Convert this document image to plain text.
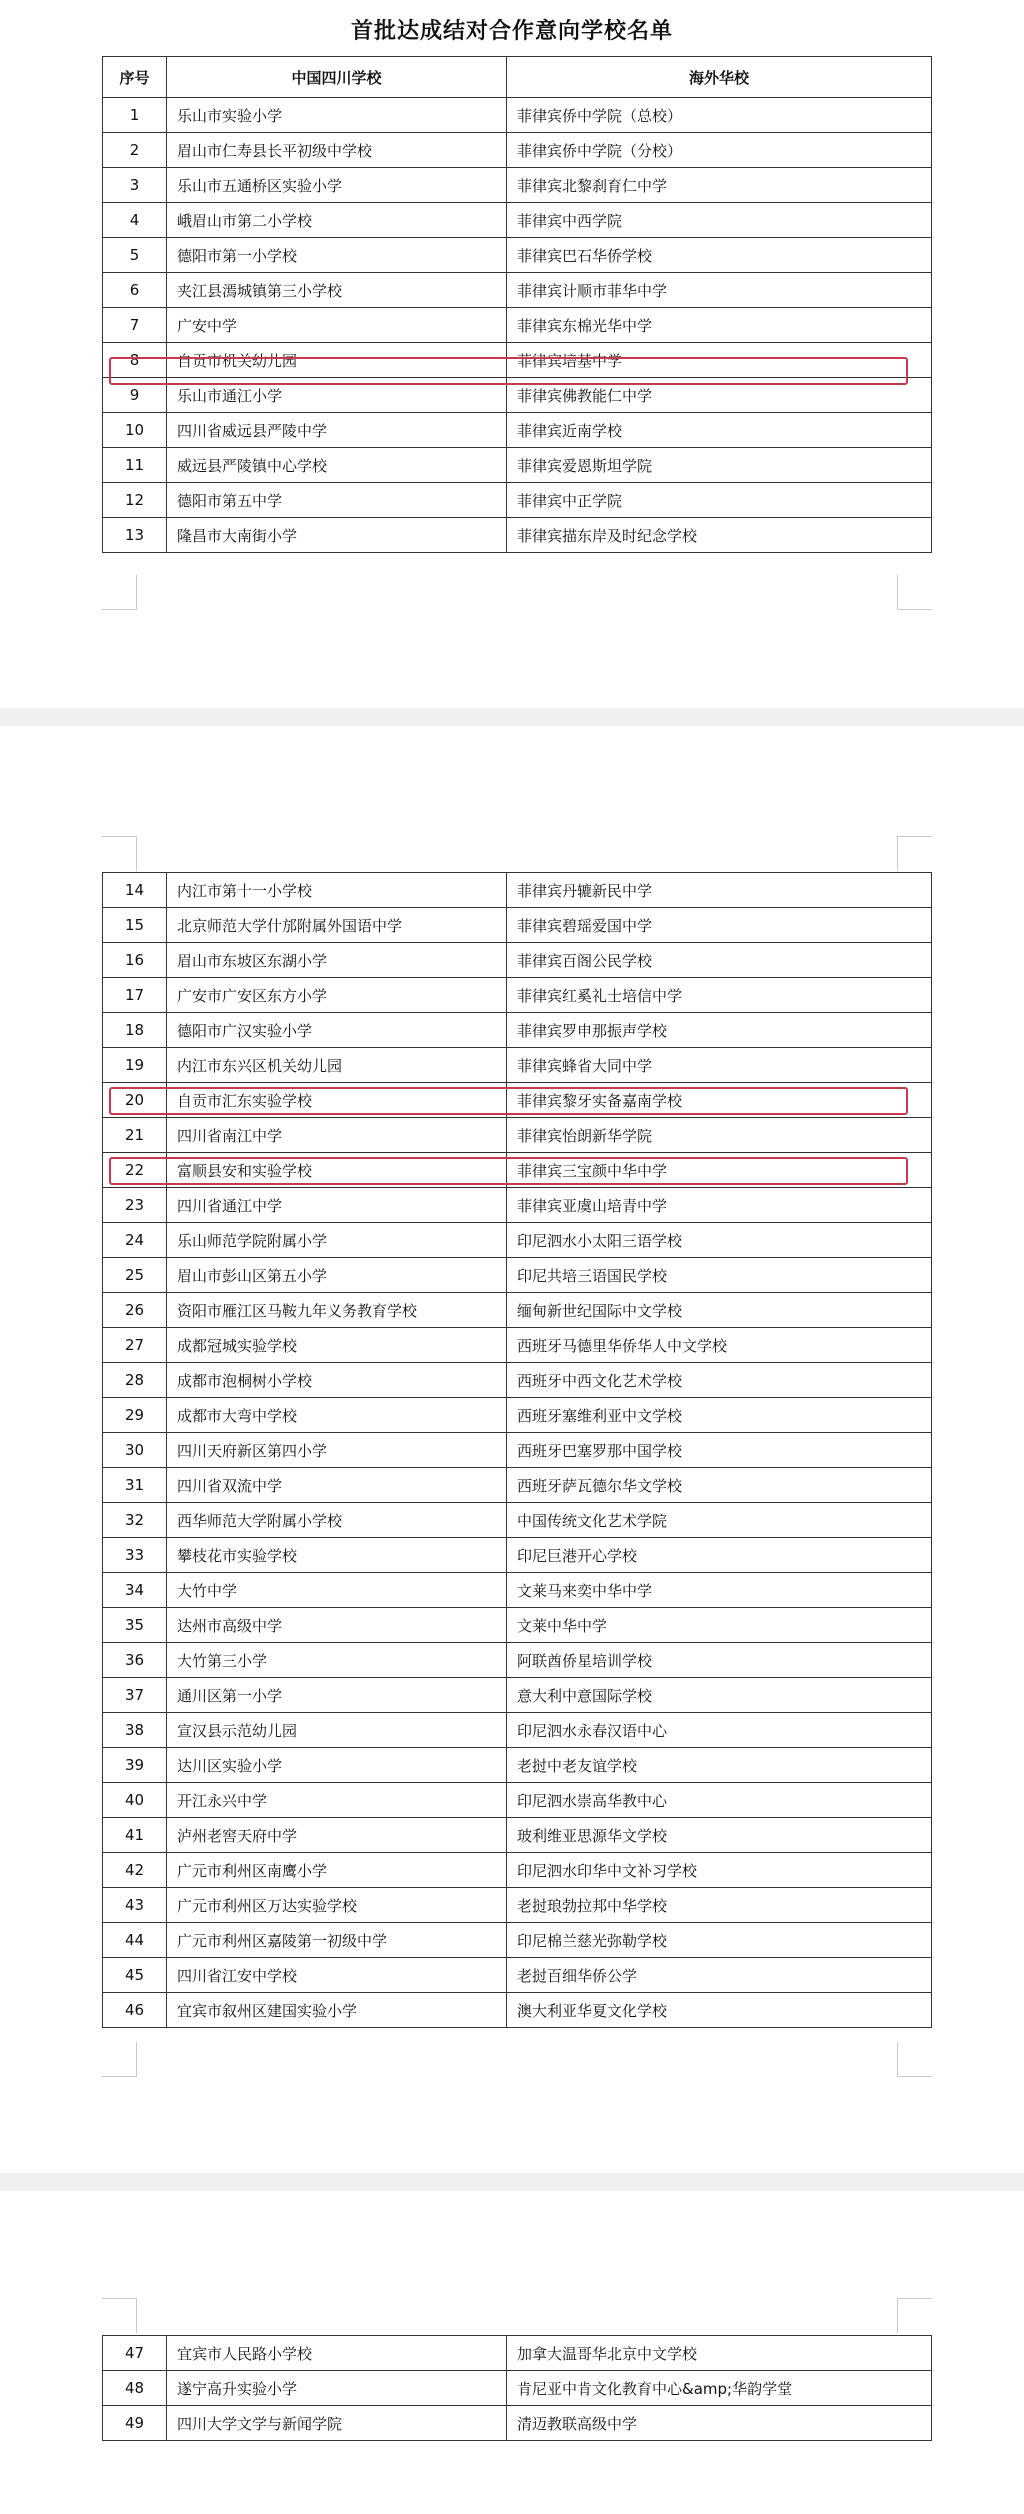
首批达成结对合作意向学校名单
序号	中国四川学校	海外华校
1	乐山市实验小学	菲律宾侨中学院（总校）
2	眉山市仁寿县长平初级中学校	菲律宾侨中学院（分校）
3	乐山市五通桥区实验小学	菲律宾北黎刹育仁中学
4	峨眉山市第二小学校	菲律宾中西学院
5	德阳市第一小学校	菲律宾巴石华侨学校
6	夹江县漹城镇第三小学校	菲律宾计顺市菲华中学
7	广安中学	菲律宾东棉光华中学
8	自贡市机关幼儿园	菲律宾培基中学
9	乐山市通江小学	菲律宾佛教能仁中学
10	四川省威远县严陵中学	菲律宾近南学校
11	威远县严陵镇中心学校	菲律宾爱恩斯坦学院
12	德阳市第五中学	菲律宾中正学院
13	隆昌市大南街小学	菲律宾描东岸及时纪念学校
14	内江市第十一小学校	菲律宾丹辘新民中学
15	北京师范大学什邡附属外国语中学	菲律宾碧瑶爱国中学
16	眉山市东坡区东湖小学	菲律宾百阁公民学校
17	广安市广安区东方小学	菲律宾红奚礼士培信中学
18	德阳市广汉实验小学	菲律宾罗申那振声学校
19	内江市东兴区机关幼儿园	菲律宾蜂省大同中学
20	自贡市汇东实验学校	菲律宾黎牙实备嘉南学校
21	四川省南江中学	菲律宾怡朗新华学院
22	富顺县安和实验学校	菲律宾三宝颜中华中学
23	四川省通江中学	菲律宾亚虞山培青中学
24	乐山师范学院附属小学	印尼泗水小太阳三语学校
25	眉山市彭山区第五小学	印尼共培三语国民学校
26	资阳市雁江区马鞍九年义务教育学校	缅甸新世纪国际中文学校
27	成都冠城实验学校	西班牙马德里华侨华人中文学校
28	成都市泡桐树小学校	西班牙中西文化艺术学校
29	成都市大弯中学校	西班牙塞维利亚中文学校
30	四川天府新区第四小学	西班牙巴塞罗那中国学校
31	四川省双流中学	西班牙萨瓦德尔华文学校
32	西华师范大学附属小学校	中国传统文化艺术学院
33	攀枝花市实验学校	印尼巨港开心学校
34	大竹中学	文莱马来奕中华中学
35	达州市高级中学	文莱中华中学
36	大竹第三小学	阿联酋侨星培训学校
37	通川区第一小学	意大利中意国际学校
38	宣汉县示范幼儿园	印尼泗水永春汉语中心
39	达川区实验小学	老挝中老友谊学校
40	开江永兴中学	印尼泗水崇高华教中心
41	泸州老窖天府中学	玻利维亚思源华文学校
42	广元市利州区南鹰小学	印尼泗水印华中文补习学校
43	广元市利州区万达实验学校	老挝琅勃拉邦中华学校
44	广元市利州区嘉陵第一初级中学	印尼棉兰慈光弥勒学校
45	四川省江安中学校	老挝百细华侨公学
46	宜宾市叙州区建国实验小学	澳大利亚华夏文化学校
47	宜宾市人民路小学校	加拿大温哥华北京中文学校
48	遂宁高升实验小学	肯尼亚中肯文化教育中心&amp;华韵学堂
49	四川大学文学与新闻学院	清迈教联高级中学
